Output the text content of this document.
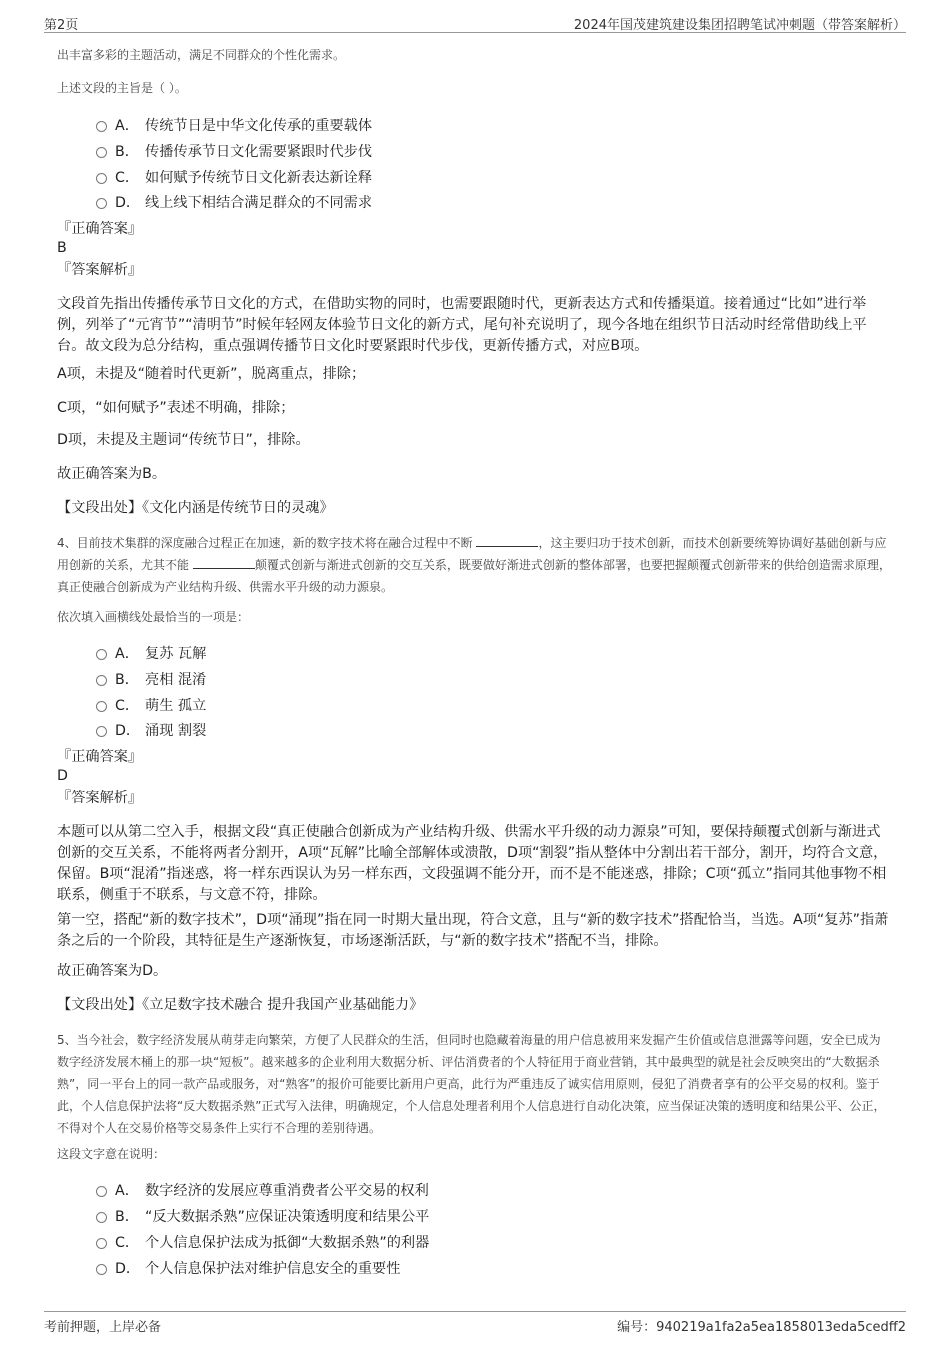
第2页	2024年国茂建筑建设集团招聘笔试冲刺题（带答案解析）
出丰富多彩的主题活动，满足不同群众的个性化需求。
上述文段的主旨是（ ）。
A． 传统节日是中华文化传承的重要载体
B． 传播传承节日文化需要紧跟时代步伐
C． 如何赋予传统节日文化新表达新诠释
D． 线上线下相结合满足群众的不同需求
『正确答案』
B
『答案解析』
文段首先指出传播传承节日文化的方式，在借助实物的同时，也需要跟随时代，更新表达方式和传播渠道。接着通过“比如”进行举例，列举了“元宵节”“清明节”时候年轻网友体验节日文化的新方式，尾句补充说明了，现今各地在组织节日活动时经常借助线上平台。故文段为总分结构，重点强调传播节日文化时要紧跟时代步伐，更新传播方式，对应B项。
A项，未提及“随着时代更新”，脱离重点，排除；
C项，“如何赋予”表述不明确，排除；
D项，未提及主题词“传统节日”，排除。
故正确答案为B。
【文段出处】《文化内涵是传统节日的灵魂》
4、目前技术集群的深度融合过程正在加速，新的数字技术将在融合过程中不断	，这主要归功于技术创新，而技术创新要统筹协调好基础创新与应用创新的关系，尤其不能	颠覆式创新与渐进式创新的交互关系，既要做好渐进式创新的整体部署，也要把握颠覆式创新带来的供给创造需求原理，真正使融合创新成为产业结构升级、供需水平升级的动力源泉。
依次填入画横线处最恰当的一项是：
A． 复苏 瓦解
B． 亮相 混淆
C． 萌生 孤立
D． 涌现 割裂
『正确答案』
D
『答案解析』
本题可以从第二空入手，根据文段“真正使融合创新成为产业结构升级、供需水平升级的动力源泉”可知，要保持颠覆式创新与渐进式创新的交互关系，不能将两者分割开，A项“瓦解”比喻全部解体或溃散，D项“割裂”指从整体中分割出若干部分，割开，均符合文意，保留。B项“混淆”指迷惑，将一样东西误认为另一样东西，文段强调不能分开，而不是不能迷惑，排除；C项“孤立”指同其他事物不相联系，侧重于不联系，与文意不符，排除。
第一空，搭配“新的数字技术”，D项“涌现”指在同一时期大量出现，符合文意，且与“新的数字技术”搭配恰当，当选。A项“复苏”指萧条之后的一个阶段，其特征是生产逐渐恢复，市场逐渐活跃，与“新的数字技术”搭配不当，排除。
故正确答案为D。
【文段出处】《立足数字技术融合 提升我国产业基础能力》
5、当今社会，数字经济发展从萌芽走向繁荣，方便了人民群众的生活，但同时也隐藏着海量的用户信息被用来发掘产生价值或信息泄露等问题，安全已成为数字经济发展木桶上的那一块“短板”。越来越多的企业利用大数据分析、评估消费者的个人特征用于商业营销，其中最典型的就是社会反映突出的“大数据杀熟”，同一平台上的同一款产品或服务，对“熟客”的报价可能要比新用户更高，此行为严重违反了诚实信用原则，侵犯了消费者享有的公平交易的权利。鉴于此，个人信息保护法将“反大数据杀熟”正式写入法律，明确规定，个人信息处理者利用个人信息进行自动化决策，应当保证决策的透明度和结果公平、公正，不得对个人在交易价格等交易条件上实行不合理的差别待遇。
这段文字意在说明：
A． 数字经济的发展应尊重消费者公平交易的权利
B． “反大数据杀熟”应保证决策透明度和结果公平
C． 个人信息保护法成为抵御“大数据杀熟”的利器
D． 个人信息保护法对维护信息安全的重要性
考前押题，上岸必备	编号：940219a1fa2a5ea1858013eda5cedff2
